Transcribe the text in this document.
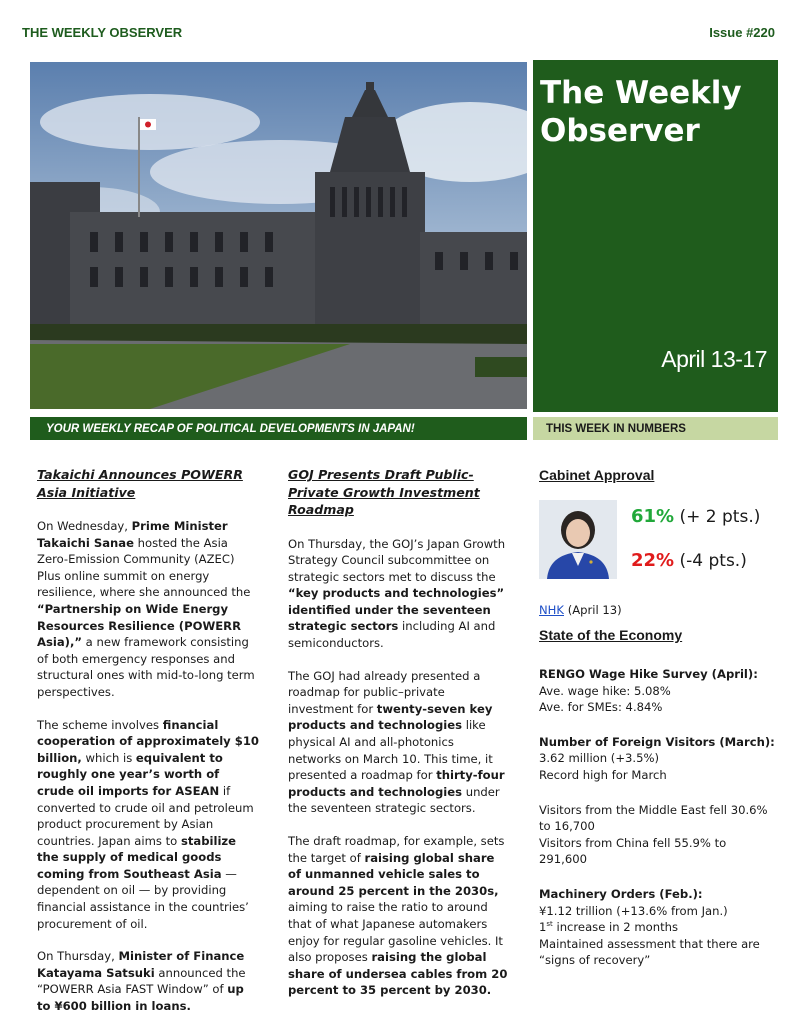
THE WEEKLY OBSERVER	Issue #220
The Weekly Observer
April 13-17
YOUR WEEKLY RECAP OF POLITICAL DEVELOPMENTS IN JAPAN!	THIS WEEK IN NUMBERS
Takaichi Announces POWERR Asia Initiative
On Wednesday, Prime Minister Takaichi Sanae hosted the Asia Zero-Emission Community (AZEC) Plus online summit on energy resilience, where she announced the “Partnership on Wide Energy Resources Resilience (POWERR Asia),” a new framework consisting of both emergency responses and structural ones with mid-to-long term perspectives.
The scheme involves financial cooperation of approximately $10 billion, which is equivalent to roughly one year’s worth of crude oil imports for ASEAN if converted to crude oil and petroleum product procurement by Asian countries. Japan aims to stabilize the supply of medical goods coming from Southeast Asia — dependent on oil — by providing financial assistance in the countries’ procurement of oil.
On Thursday, Minister of Finance Katayama Satsuki announced the “POWERR Asia FAST Window” of up to ¥600 billion in loans.
GOJ Presents Draft Public-Private Growth Investment Roadmap
On Thursday, the GOJ’s Japan Growth Strategy Council subcommittee on strategic sectors met to discuss the “key products and technologies” identified under the seventeen strategic sectors including AI and semiconductors.
The GOJ had already presented a roadmap for public–private investment for twenty-seven key products and technologies like physical AI and all-photonics networks on March 10. This time, it presented a roadmap for thirty-four products and technologies under the seventeen strategic sectors.
The draft roadmap, for example, sets the target of raising global share of unmanned vehicle sales to around 25 percent in the 2030s, aiming to raise the ratio to around that of what Japanese automakers enjoy for regular gasoline vehicles. It also proposes raising the global share of undersea cables from 20 percent to 35 percent by 2030.
Cabinet Approval
61% (+ 2 pts.)
22% (-4 pts.)
NHK (April 13)
State of the Economy

RENGO Wage Hike Survey (April):

Ave. wage hike: 5.08%

Ave. for SMEs: 4.84%

Number of Foreign Visitors (March):

3.62 million (+3.5%)

Record high for March

Visitors from the Middle East fell 30.6% to 16,700

Visitors from China fell 55.9% to 291,600

Machinery Orders (Feb.):

¥1.12 trillion (+13.6% from Jan.)

1st increase in 2 months

Maintained assessment that there are “signs of recovery”
